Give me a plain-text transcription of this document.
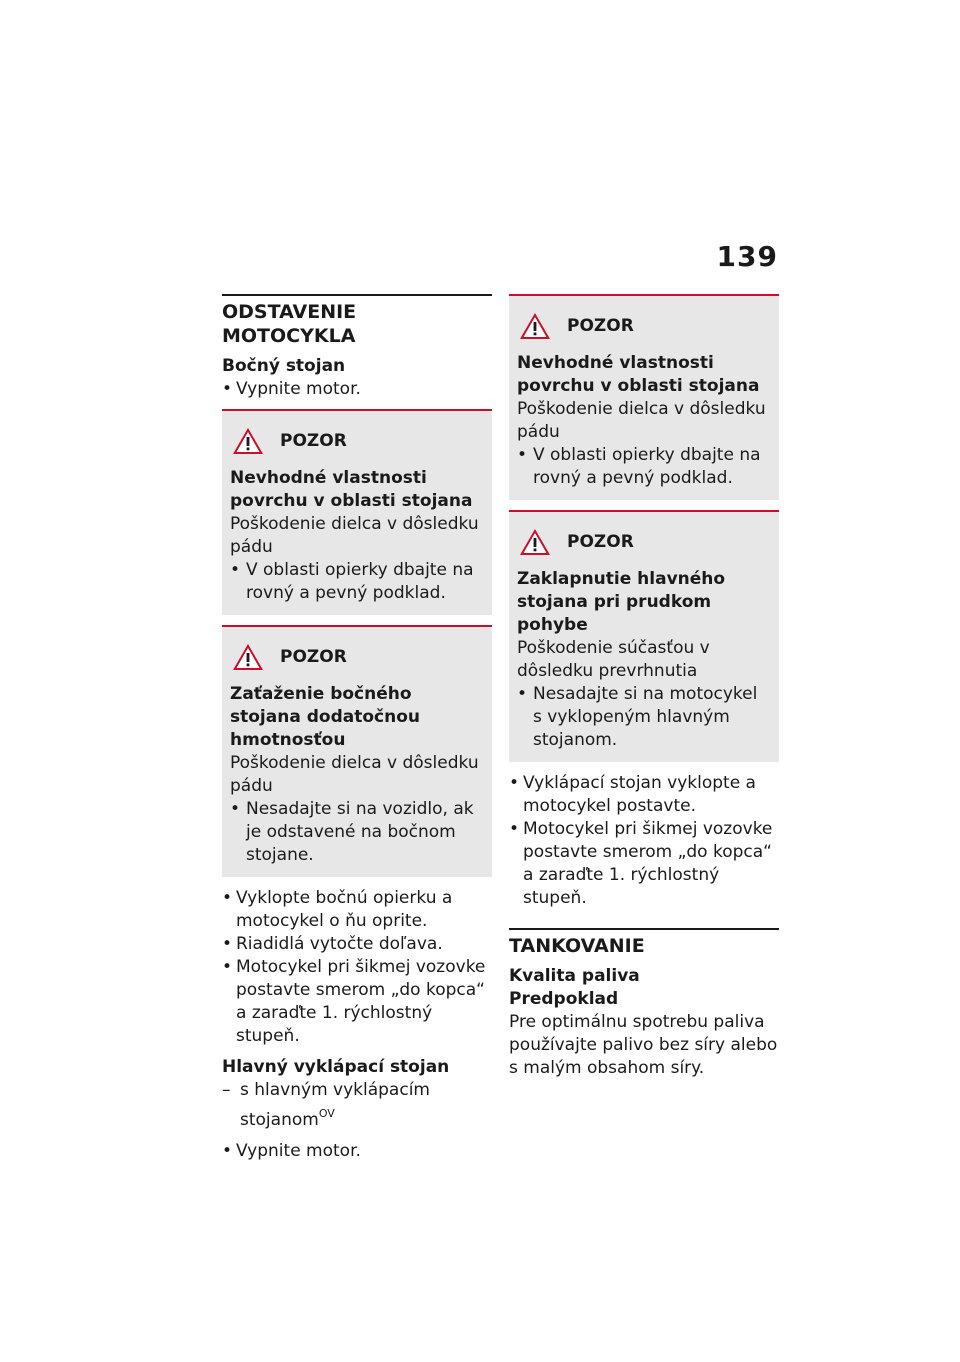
139
ODSTAVENIE MOTOCYKLA
Bočný stojan
• Vypnite motor.
POZOR
Nevhodné vlastnosti povrchu v oblasti stojana
Poškodenie dielca v dôsledku pádu
• V oblasti opierky dbajte na rovný a pevný podklad.
POZOR
Zaťaženie bočného stojana dodatočnou hmotnosťou
Poškodenie dielca v dôsledku pádu
• Nesadajte si na vozidlo, ak je odstavené na bočnom stojane.
• Vyklopte bočnú opierku a motocykel o ňu oprite.
• Riadidlá vytočte doľava.
• Motocykel pri šikmej vozovke postavte smerom „do kopca“ a zaraďte 1. rýchlostný stupeň.
Hlavný vyklápací stojan
– s hlavným vyklápacím stojanom$^{OV}$
• Vypnite motor.
POZOR
Nevhodné vlastnosti povrchu v oblasti stojana
Poškodenie dielca v dôsledku pádu
• V oblasti opierky dbajte na rovný a pevný podklad.
POZOR
Zaklapnutie hlavného stojana pri prudkom pohybe
Poškodenie súčasťou v dôsledku prevrhnutia
• Nesadajte si na motocykel s vyklopeným hlavným stojanom.
• Vyklápací stojan vyklopte a motocykel postavte.
• Motocykel pri šikmej vozovke postavte smerom „do kopca“ a zaraďte 1. rýchlostný stupeň.
TANKOVANIE
Kvalita paliva
Predpoklad
Pre optimálnu spotrebu paliva používajte palivo bez síry alebo s malým obsahom síry.
